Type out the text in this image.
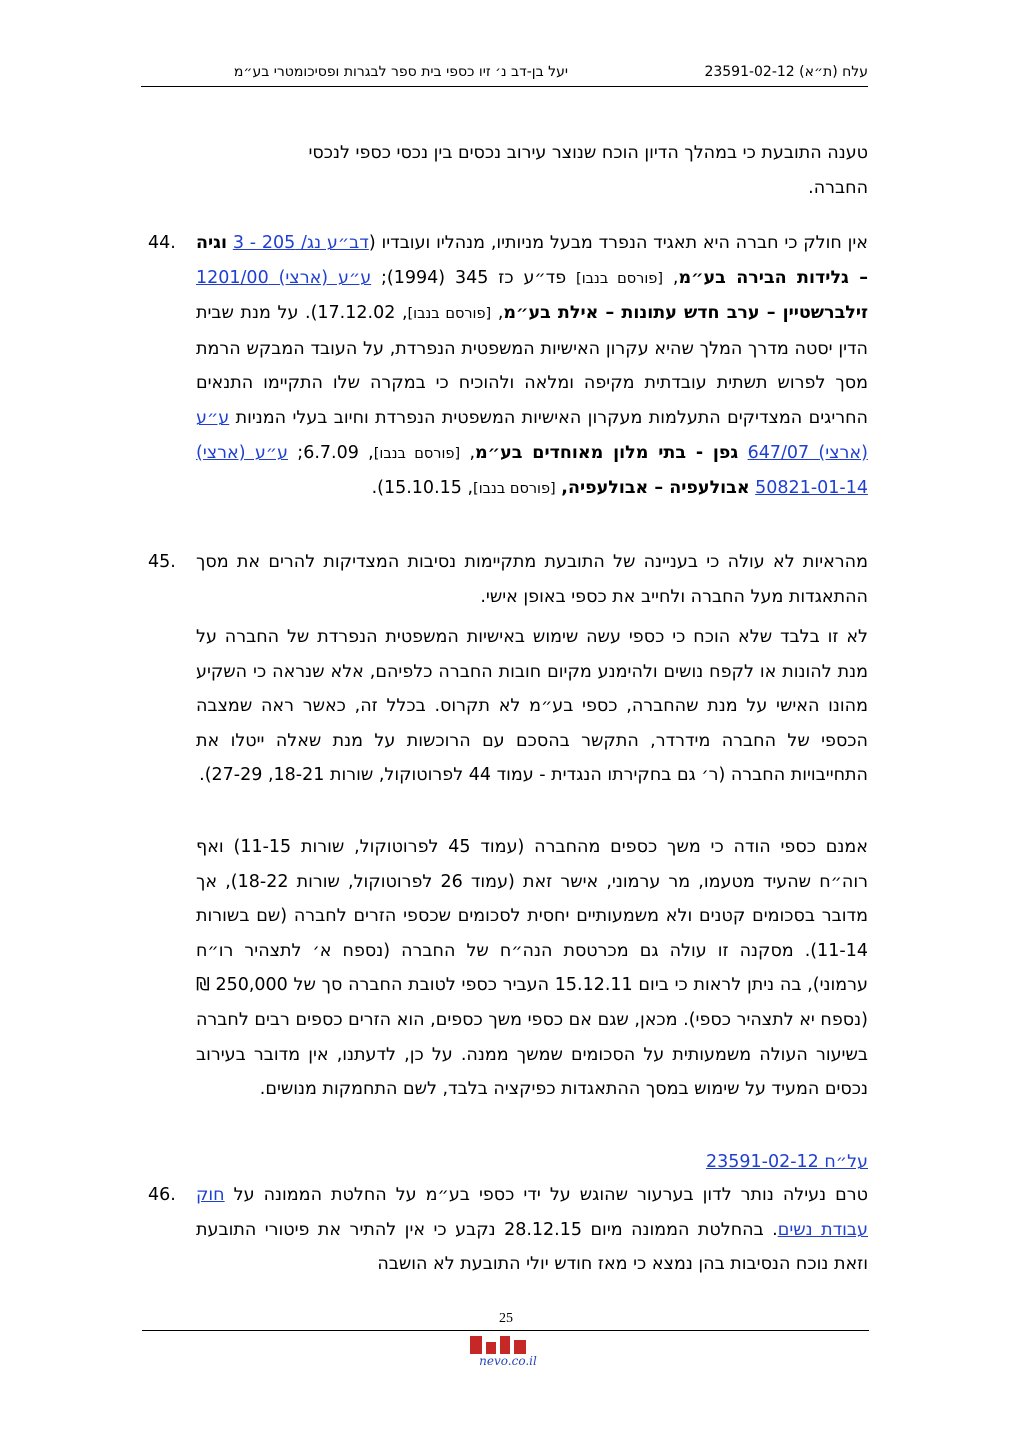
עלח (ת״א) 23591-02-12
יעל בן-דב נ׳ זיו כספי בית ספר לבגרות ופסיכומטרי בע״מ
טענה התובעת כי במהלך הדיון הוכח שנוצר עירוב נכסים בין נכסי כספי לנכסי
החברה.
44.	אין חולק כי חברה היא תאגיד הנפרד מבעל מניותיו, מנהליו ועובדיו (דב״ע נג/ 205 - 3 וגיה – גלידות הבירה בע״מ, [פורסם בנבו] פד״ע כז 345 (1994); ע״ע (ארצי) 1201/00 זילברשטיין – ערב חדש עתונות – אילת בע״מ, [פורסם בנבו], 17.12.02). על מנת שבית הדין יסטה מדרך המלך שהיא עקרון האישיות המשפטית הנפרדת, על העובד המבקש הרמת מסך לפרוש תשתית עובדתית מקיפה ומלאה ולהוכיח כי במקרה שלו התקיימו התנאים החריגים המצדיקים התעלמות מעקרון האישיות המשפטית הנפרדת וחיוב בעלי המניות ע״ע (ארצי) 647/07 גפן - בתי מלון מאוחדים בע״מ, [פורסם בנבו], 6.7.09; ע״ע (ארצי) 50821-01-14 אבולעפיה – אבולעפיה, [פורסם בנבו], 15.10.15).
45. מהראיות לא עולה כי בעניינה של התובעת מתקיימות נסיבות המצדיקות להרים את מסך ההתאגדות מעל החברה ולחייב את כספי באופן אישי.
לא זו בלבד שלא הוכח כי כספי עשה שימוש באישיות המשפטית הנפרדת של החברה על מנת להונות או לקפח נושים ולהימנע מקיום חובות החברה כלפיהם, אלא שנראה כי השקיע מהונו האישי על מנת שהחברה, כספי בע״מ לא תקרוס. בכלל זה, כאשר ראה שמצבה הכספי של החברה מידרדר, התקשר בהסכם עם הרוכשות על מנת שאלה ייטלו את התחייבויות החברה (ר׳ גם בחקירתו הנגדית - עמוד 44 לפרוטוקול, שורות 18-21, 27-29).
אמנם כספי הודה כי משך כספים מהחברה (עמוד 45 לפרוטוקול, שורות 11-15) ואף רוה״ח שהעיד מטעמו, מר ערמוני, אישר זאת (עמוד 26 לפרוטוקול, שורות 18-22), אך מדובר בסכומים קטנים ולא משמעותיים יחסית לסכומים שכספי הזרים לחברה (שם בשורות 11-14). מסקנה זו עולה גם מכרטסת הנה״ח של החברה (נספח א׳ לתצהיר רו״ח ערמוני), בה ניתן לראות כי ביום 15.12.11 העביר כספי לטובת החברה סך של 250,000 ₪ (נספח יא לתצהיר כספי). מכאן, שגם אם כספי משך כספים, הוא הזרים כספים רבים לחברה בשיעור העולה משמעותית על הסכומים שמשך ממנה. על כן, לדעתנו, אין מדובר בעירוב נכסים המעיד על שימוש במסך ההתאגדות כפיקציה בלבד, לשם התחמקות מנושים.
על״ח 23591-02-12
46.	טרם נעילה נותר לדון בערעור שהוגש על ידי כספי בע״מ על החלטת הממונה על חוק עבודת נשים. בהחלטת הממונה מיום 28.12.15 נקבע כי אין להתיר את פיטורי התובעת וזאת נוכח הנסיבות בהן נמצא כי מאז חודש יולי התובעת לא הושבה
25
nevo.co.il
